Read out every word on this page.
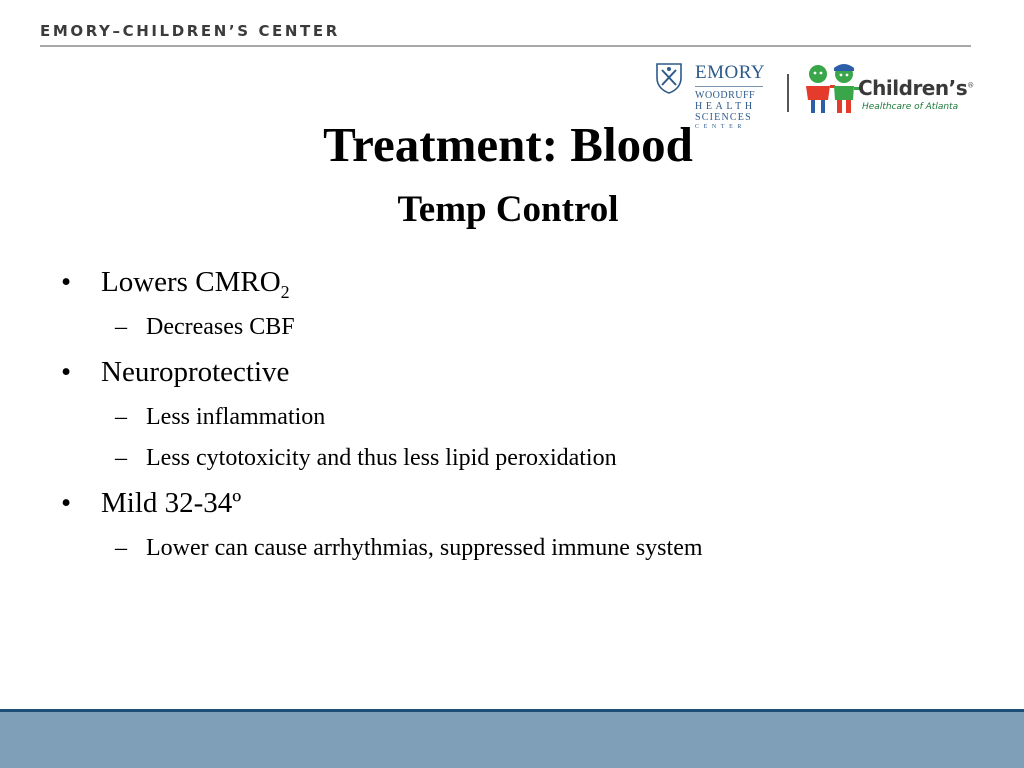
EMORY–CHILDREN’S CENTER
EMORY
WOODRUFF
HEALTH
SCIENCES
CENTER
Children’s®
Healthcare of Atlanta
Treatment: Blood
Temp Control
• Lowers $CMRO_2$
– Decreases CBF
• Neuroprotective
– Less inflammation
– Less cytotoxicity and thus less lipid peroxidation
• Mild 32-34º
– Lower can cause arrhythmias, suppressed immune system
